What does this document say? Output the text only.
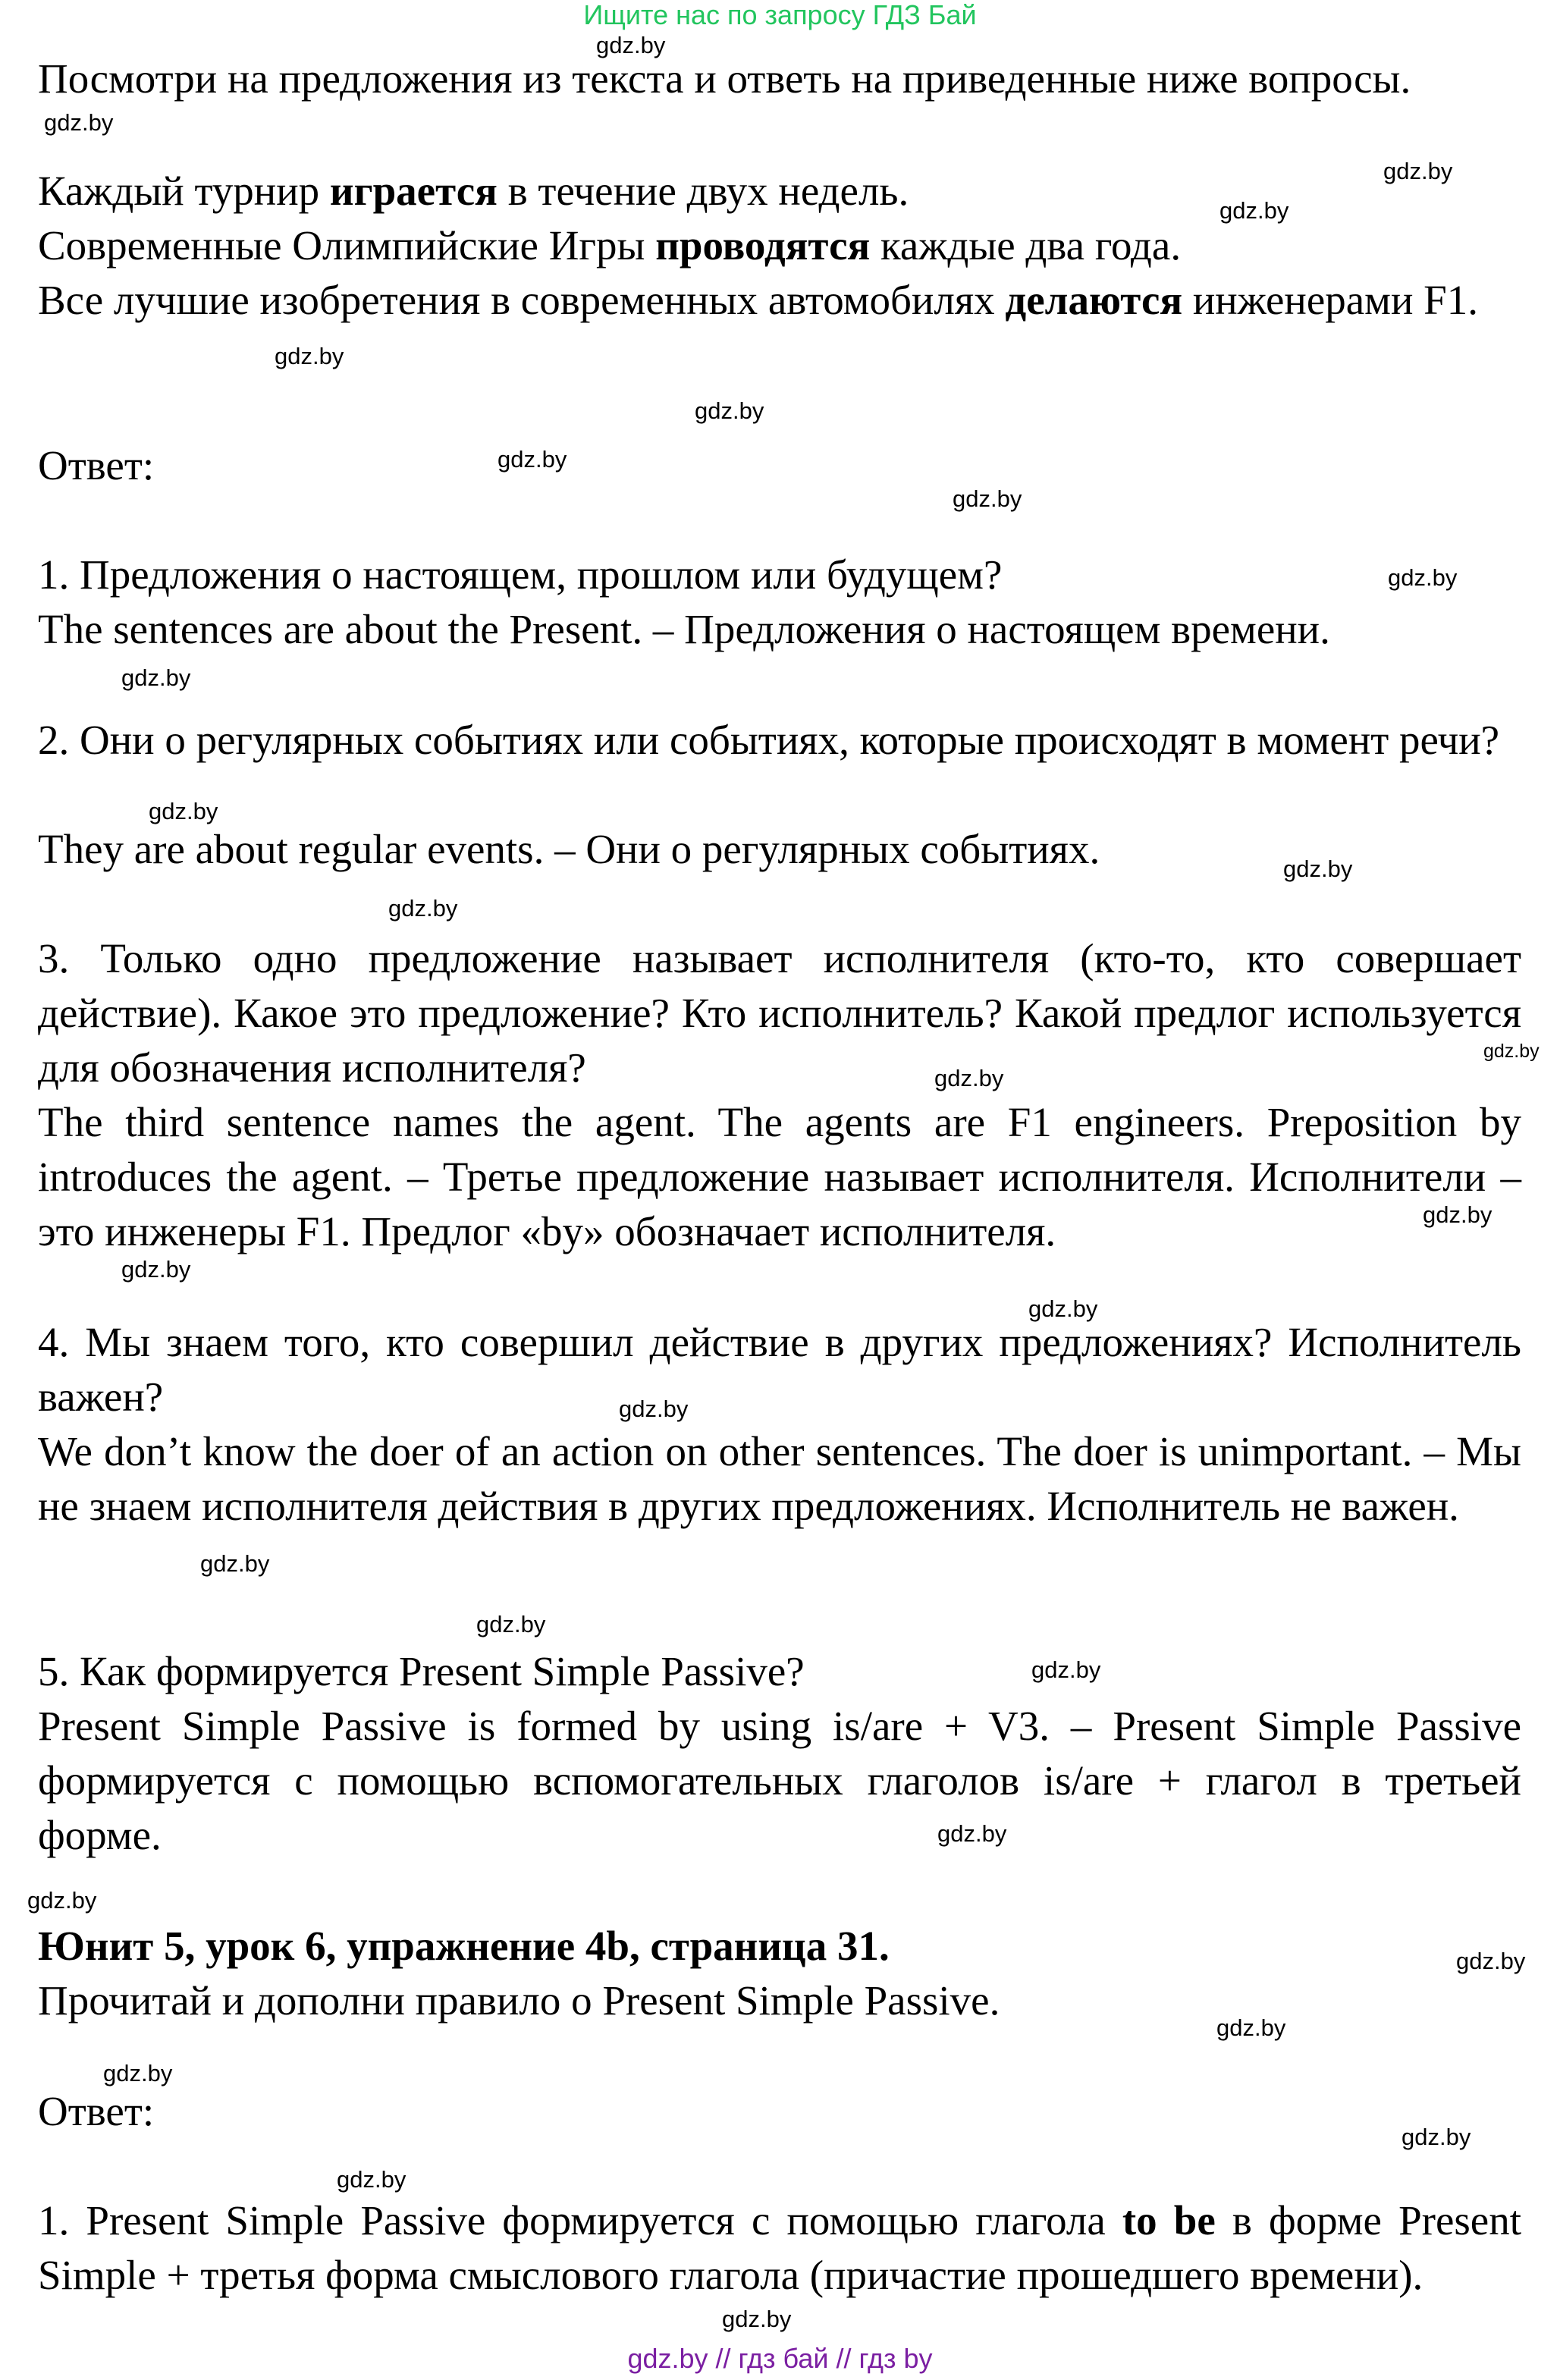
Ищите нас по запросу ГДЗ Бай

Посмотри на предложения из текста и ответь на приведенные ниже вопросы.

Каждый турнир играется в течение двух недель.

Современные Олимпийские Игры проводятся каждые два года.

Все лучшие изобретения в современных автомобилях делаются инженерами F1.

Ответ:

1. Предложения о настоящем, прошлом или будущем?

The sentences are about the Present. – Предложения о настоящем времени.

2. Они о регулярных событиях или событиях, которые происходят в момент речи?

They are about regular events. – Они о регулярных событиях.

3. Только одно предложение называет исполнителя (кто-то, кто совершает действие). Какое это предложение? Кто исполнитель? Какой предлог используется для обозначения исполнителя?

The third sentence names the agent. The agents are F1 engineers. Preposition by introduces the agent. – Третье предложение называет исполнителя. Исполнители – это инженеры F1. Предлог «by» обозначает исполнителя.

4. Мы знаем того, кто совершил действие в других предложениях? Исполнитель важен?

We don’t know the doer of an action on other sentences. The doer is unimportant. – Мы не знаем исполнителя действия в других предложениях. Исполнитель не важен.

5. Как формируется Present Simple Passive?

Present Simple Passive is formed by using is/are + V3. – Present Simple Passive формируется с помощью вспомогательных глаголов is/are + глагол в третьей форме.

Юнит 5, урок 6, упражнение 4b, страница 31.

Прочитай и дополни правило о Present Simple Passive.

Ответ:

1. Present Simple Passive формируется с помощью глагола to be в форме Present Simple + третья форма смыслового глагола (причастие прошедшего времени).

gdz.by
gdz.by
gdz.by
gdz.by
gdz.by
gdz.by
gdz.by
gdz.by
gdz.by
gdz.by
gdz.by
gdz.by
gdz.by
gdz.by
gdz.by
gdz.by
gdz.by
gdz.by
gdz.by
gdz.by
gdz.by
gdz.by
gdz.by
gdz.by
gdz.by
gdz.by
gdz.by
gdz.by
gdz.by
gdz.by
gdz.by // гдз бай // гдз by
